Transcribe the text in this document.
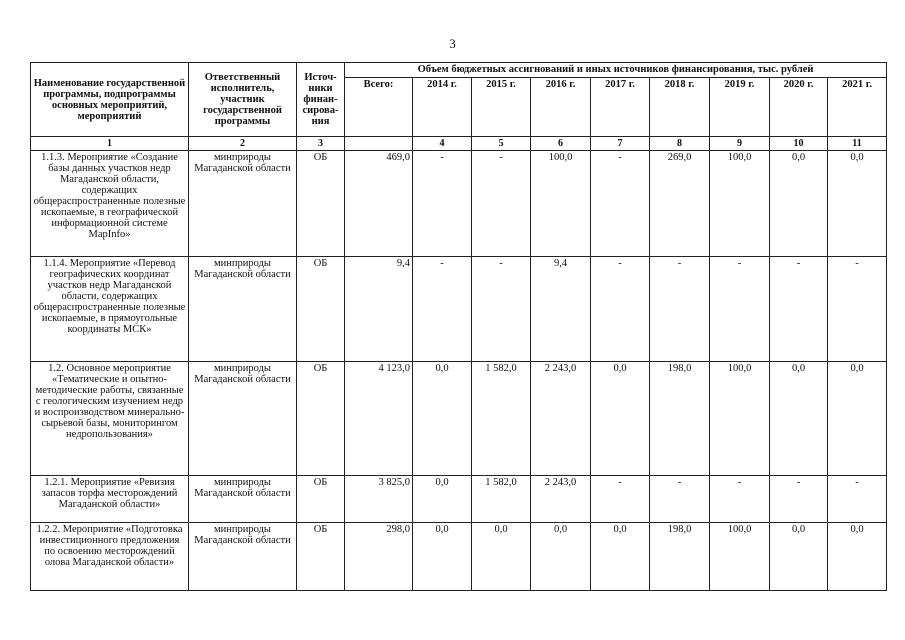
3
Наименование государственной программы, подпрограммы основных мероприятий, мероприятий	Ответственный исполнитель, участник государственной программы	Источ-ники финан-сирова-ния	Объем бюджетных ассигнований и иных источников финансирования, тыс. рублей								
			Всего:	2014 г.	2015 г.	2016 г.	2017 г.	2018 г.	2019 г.	2020 г.	2021 г.
1	2	3		4	5	6	7	8	9	10	11
1.1.3. Мероприятие «Создание базы данных участков недр Магаданской области, содержащих общераспространенные полезные ископаемые, в географической информационной системе MapInfo»	минприроды Магаданской области	ОБ	469,0	-	-	100,0	-	269,0	100,0	0,0	0,0
1.1.4. Мероприятие «Перевод географических координат участков недр Магаданской области, содержащих общераспространенные полезные ископаемые, в прямоугольные координаты МСК»	минприроды Магаданской области	ОБ	9,4	-	-	9,4	-	-	-	-	-
1.2. Основное мероприятие «Тематические и опытно-методические работы, связанные с геологическим изучением недр и воспроизводством минерально-сырьевой базы, мониторингом недропользования»	минприроды Магаданской области	ОБ	4 123,0	0,0	1 582,0	2 243,0	0,0	198,0	100,0	0,0	0,0
1.2.1. Мероприятие «Ревизия запасов торфа месторождений Магаданской области»	минприроды Магаданской области	ОБ	3 825,0	0,0	1 582,0	2 243,0	-	-	-	-	-
1.2.2. Мероприятие «Подготовка инвестиционного предложения по освоению месторождений олова Магаданской области»	минприроды Магаданской области	ОБ	298,0	0,0	0,0	0,0	0,0	198,0	100,0	0,0	0,0
